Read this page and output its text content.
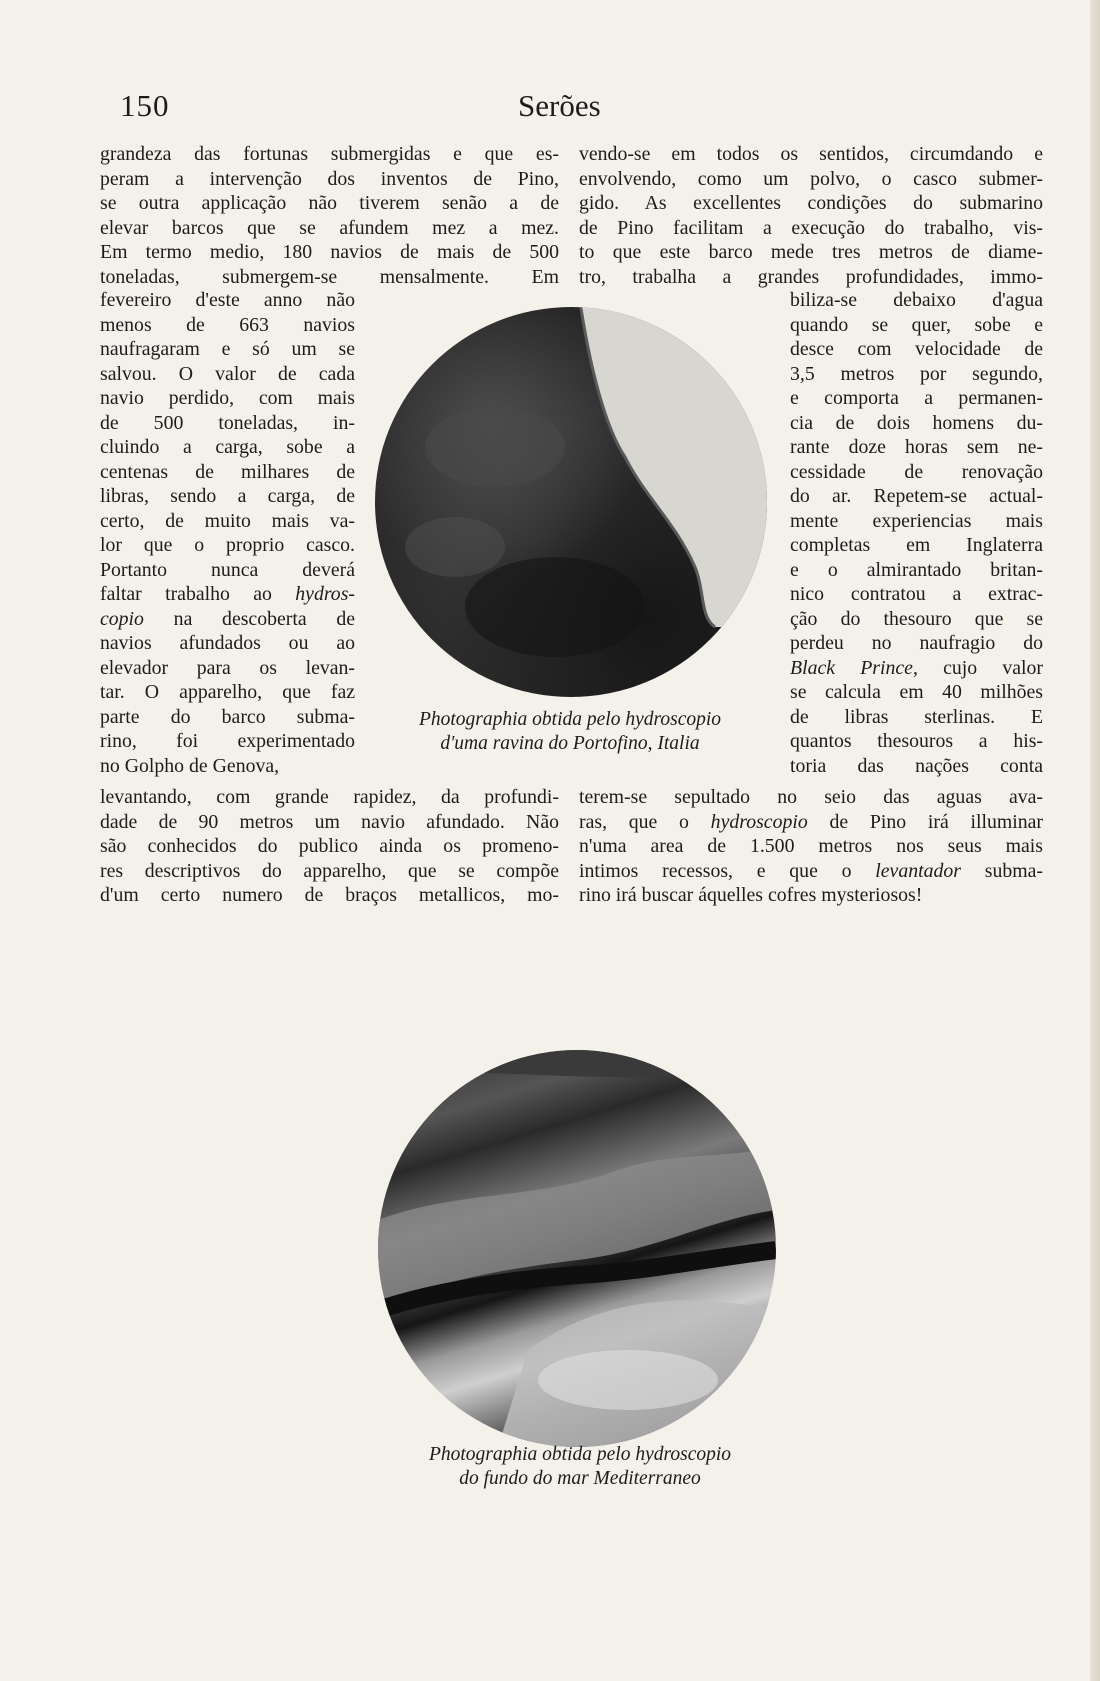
150	Serões
grandeza das fortunas submergidas e que es-
peram a intervenção dos inventos de Pino,
se outra applicação não tiverem senão a de
elevar barcos que se afundem mez a mez.
Em termo medio, 180 navios de mais de 500
toneladas, submergem-se mensalmente. Em
fevereiro d'este anno não
menos de 663 navios
naufragaram e só um se
salvou. O valor de cada
navio perdido, com mais
de 500 toneladas, in-
cluindo a carga, sobe a
centenas de milhares de
libras, sendo a carga, de
certo, de muito mais va-
lor que o proprio casco.
Portanto nunca deverá
faltar trabalho ao hydros-
copio na descoberta de
navios afundados ou ao
elevador para os levan-
tar. O apparelho, que faz
parte do barco subma-
rino, foi experimentado
no Golpho de Genova,
levantando, com grande rapidez, da profundi-
dade de 90 metros um navio afundado. Não
são conhecidos do publico ainda os promeno-
res descriptivos do apparelho, que se compõe
d'um certo numero de braços metallicos, mo-
vendo-se em todos os sentidos, circumdando e
envolvendo, como um polvo, o casco submer-
gido. As excellentes condições do submarino
de Pino facilitam a execução do trabalho, vis-
to que este barco mede tres metros de diame-
tro, trabalha a grandes profundidades, immo-
biliza-se debaixo d'agua
quando se quer, sobe e
desce com velocidade de
3,5 metros por segundo,
e comporta a permanen-
cia de dois homens du-
rante doze horas sem ne-
cessidade de renovação
do ar. Repetem-se actual-
mente experiencias mais
completas em Inglaterra
e o almirantado britan-
nico contratou a extrac-
ção do thesouro que se
perdeu no naufragio do
Black Prince, cujo valor
se calcula em 40 milhões
de libras sterlinas. E
quantos thesouros a his-
toria das nações conta
terem-se sepultado no seio das aguas ava-
ras, que o hydroscopio de Pino irá illuminar
n'uma area de 1.500 metros nos seus mais
intimos recessos, e que o levantador subma-
rino irá buscar áquelles cofres mysteriosos!
Photographia obtida pelo hydroscopio
d'uma ravina do Portofino, Italia
Photographia obtida pelo hydroscopio
do fundo do mar Mediterraneo
